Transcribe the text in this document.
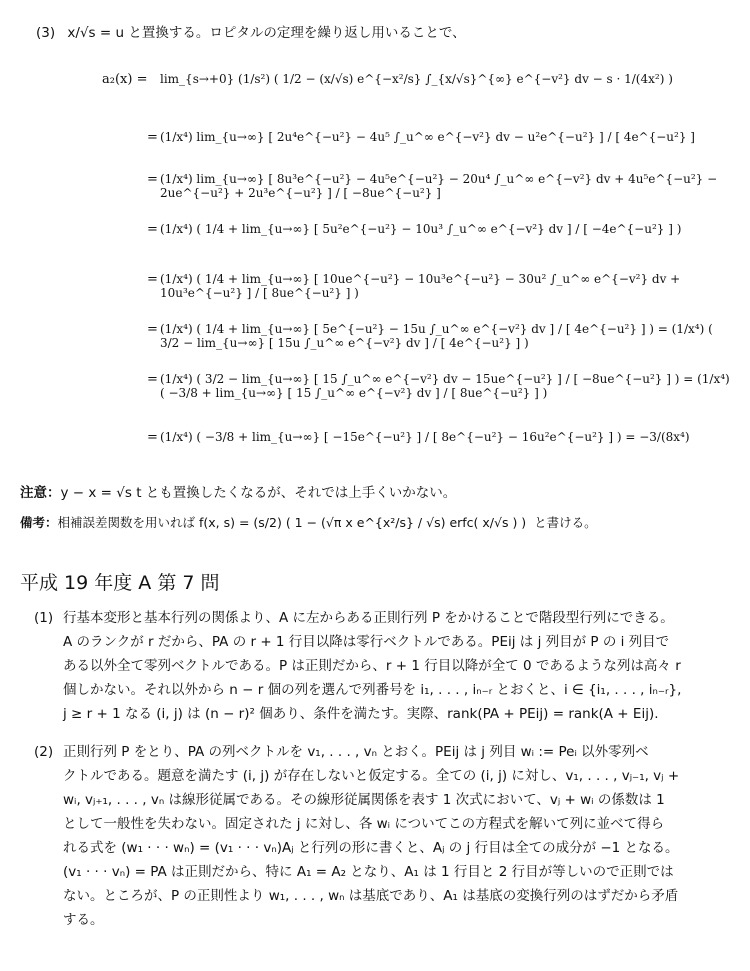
(3) x/√s = u と置換する。ロピタルの定理を繰り返し用いることで、
a₂(x) = lim_{s→+0} (1/s²) ( 1/2 − (x/√s) e^{−x²/s} ∫_{x/√s}^{∞} e^{−v²} dv − s · 1/(4x²) )
= (1/x⁴) lim_{u→∞} [ 2u⁴e^{−u²} − 4u⁵ ∫_u^∞ e^{−v²} dv − u²e^{−u²} ] / [ 4e^{−u²} ]
= (1/x⁴) lim_{u→∞} [ 8u³e^{−u²} − 4u⁵e^{−u²} − 20u⁴ ∫_u^∞ e^{−v²} dv + 4u⁵e^{−u²} − 2ue^{−u²} + 2u³e^{−u²} ] / [ −8ue^{−u²} ]
= (1/x⁴) ( 1/4 + lim_{u→∞} [ 5u²e^{−u²} − 10u³ ∫_u^∞ e^{−v²} dv ] / [ −4e^{−u²} ] )
= (1/x⁴) ( 1/4 + lim_{u→∞} [ 10ue^{−u²} − 10u³e^{−u²} − 30u² ∫_u^∞ e^{−v²} dv + 10u³e^{−u²} ] / [ 8ue^{−u²} ] )
= (1/x⁴) ( 1/4 + lim_{u→∞} [ 5e^{−u²} − 15u ∫_u^∞ e^{−v²} dv ] / [ 4e^{−u²} ] ) = (1/x⁴) ( 3/2 − lim_{u→∞} [ 15u ∫_u^∞ e^{−v²} dv ] / [ 4e^{−u²} ] )
= (1/x⁴) ( 3/2 − lim_{u→∞} [ 15 ∫_u^∞ e^{−v²} dv − 15ue^{−u²} ] / [ −8ue^{−u²} ] ) = (1/x⁴) ( −3/8 + lim_{u→∞} [ 15 ∫_u^∞ e^{−v²} dv ] / [ 8ue^{−u²} ] )
= (1/x⁴) ( −3/8 + lim_{u→∞} [ −15e^{−u²} ] / [ 8e^{−u²} − 16u²e^{−u²} ] ) = −3/(8x⁴)
注意：y − x = √s t とも置換したくなるが、それでは上手くいかない。
備考：相補誤差関数を用いれば f(x, s) = (s/2) ( 1 − (√π x e^{x²/s} / √s) erfc( x/√s ) ) と書ける。
平成 19 年度 A 第 7 問
(1) 行基本変形と基本行列の関係より、A に左からある正則行列 P をかけることで階段型行列にできる。
A のランクが r だから、PA の r + 1 行目以降は零行ベクトルである。PEij は j 列目が P の i 列目で
ある以外全て零列ベクトルである。P は正則だから、r + 1 行目以降が全て 0 であるような列は高々 r
個しかない。それ以外から n − r 個の列を選んで列番号を i₁, . . . , iₙ₋ᵣ とおくと、i ∈ {i₁, . . . , iₙ₋ᵣ},
j ≥ r + 1 なる (i, j) は (n − r)² 個あり、条件を満たす。実際、rank(PA + PEij) = rank(A + Eij).
(2) 正則行列 P をとり、PA の列ベクトルを v₁, . . . , vₙ とおく。PEij は j 列目 wᵢ := Peᵢ 以外零列ベ
クトルである。題意を満たす (i, j) が存在しないと仮定する。全ての (i, j) に対し、v₁, . . . , vⱼ₋₁, vⱼ +
wᵢ, vⱼ₊₁, . . . , vₙ は線形従属である。その線形従属関係を表す 1 次式において、vⱼ + wᵢ の係数は 1
として一般性を失わない。固定された j に対し、各 wᵢ についてこの方程式を解いて列に並べて得ら
れる式を (w₁ · · · wₙ) = (v₁ · · · vₙ)Aⱼ と行列の形に書くと、Aⱼ の j 行目は全ての成分が −1 となる。
(v₁ · · · vₙ) = PA は正則だから、特に A₁ = A₂ となり、A₁ は 1 行目と 2 行目が等しいので正則では
ない。ところが、P の正則性より w₁, . . . , wₙ は基底であり、A₁ は基底の変換行列のはずだから矛盾
する。
